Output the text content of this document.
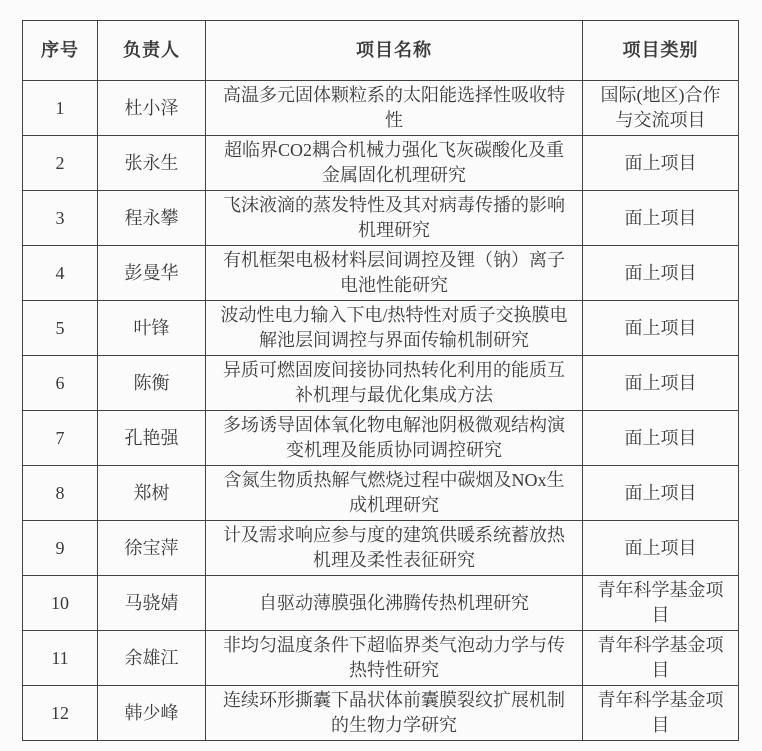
序号	负责人	项目名称	项目类别
1	杜小泽	高温多元固体颗粒系的太阳能选择性吸收特性	国际(地区)合作与交流项目
2	张永生	超临界CO2耦合机械力强化飞灰碳酸化及重金属固化机理研究	面上项目
3	程永攀	飞沫液滴的蒸发特性及其对病毒传播的影响机理研究	面上项目
4	彭曼华	有机框架电极材料层间调控及锂（钠）离子电池性能研究	面上项目
5	叶锋	波动性电力输入下电/热特性对质子交换膜电解池层间调控与界面传输机制研究	面上项目
6	陈衡	异质可燃固废间接协同热转化利用的能质互补机理与最优化集成方法	面上项目
7	孔艳强	多场诱导固体氧化物电解池阴极微观结构演变机理及能质协同调控研究	面上项目
8	郑树	含氮生物质热解气燃烧过程中碳烟及NOx生成机理研究	面上项目
9	徐宝萍	计及需求响应参与度的建筑供暖系统蓄放热机理及柔性表征研究	面上项目
10	马骁婧	自驱动薄膜强化沸腾传热机理研究	青年科学基金项目
11	余雄江	非均匀温度条件下超临界类气泡动力学与传热特性研究	青年科学基金项目
12	韩少峰	连续环形撕囊下晶状体前囊膜裂纹扩展机制的生物力学研究	青年科学基金项目
